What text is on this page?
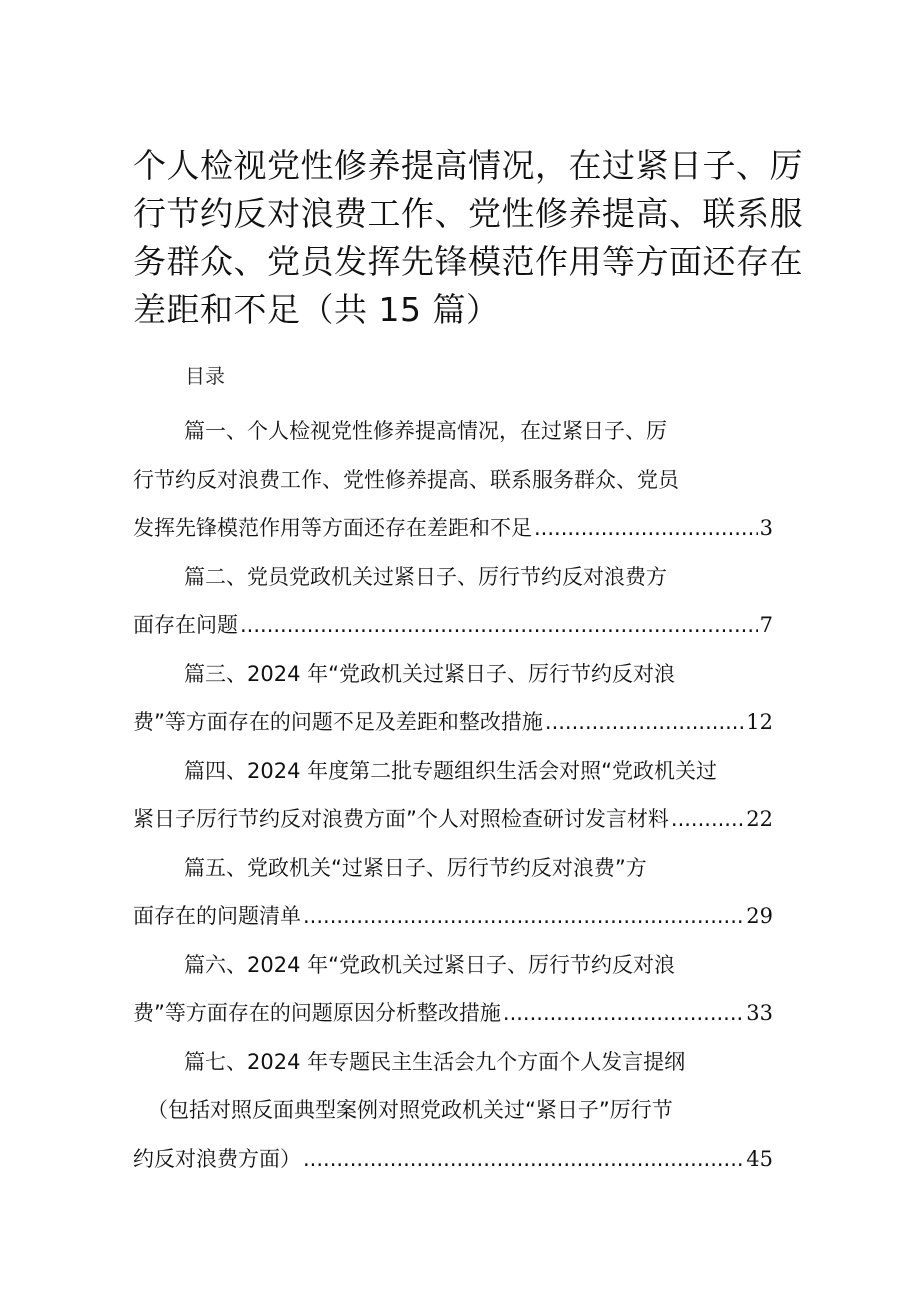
个人检视党性修养提高情况，在过紧日子、厉
行节约反对浪费工作、党性修养提高、联系服
务群众、党员发挥先锋模范作用等方面还存在
差距和不足（共 15 篇）
目录
篇一、个人检视党性修养提高情况，在过紧日子、厉
行节约反对浪费工作、党性修养提高、联系服务群众、党员
发挥先锋模范作用等方面还存在差距和不足 .....	3
篇二、党员党政机关过紧日子、厉行节约反对浪费方
面存在问题 .....	7
篇三、2024 年“党政机关过紧日子、厉行节约反对浪
费”等方面存在的问题不足及差距和整改措施 .....	12
篇四、2024 年度第二批专题组织生活会对照“党政机关过
紧日子厉行节约反对浪费方面”个人对照检查研讨发言材料 .....	22
篇五、党政机关“过紧日子、厉行节约反对浪费”方
面存在的问题清单 .....	29
篇六、2024 年“党政机关过紧日子、厉行节约反对浪
费”等方面存在的问题原因分析整改措施 .....	33
篇七、2024 年专题民主生活会九个方面个人发言提纲
（包括对照反面典型案例对照党政机关过“紧日子”厉行节
约反对浪费方面） .....	45
